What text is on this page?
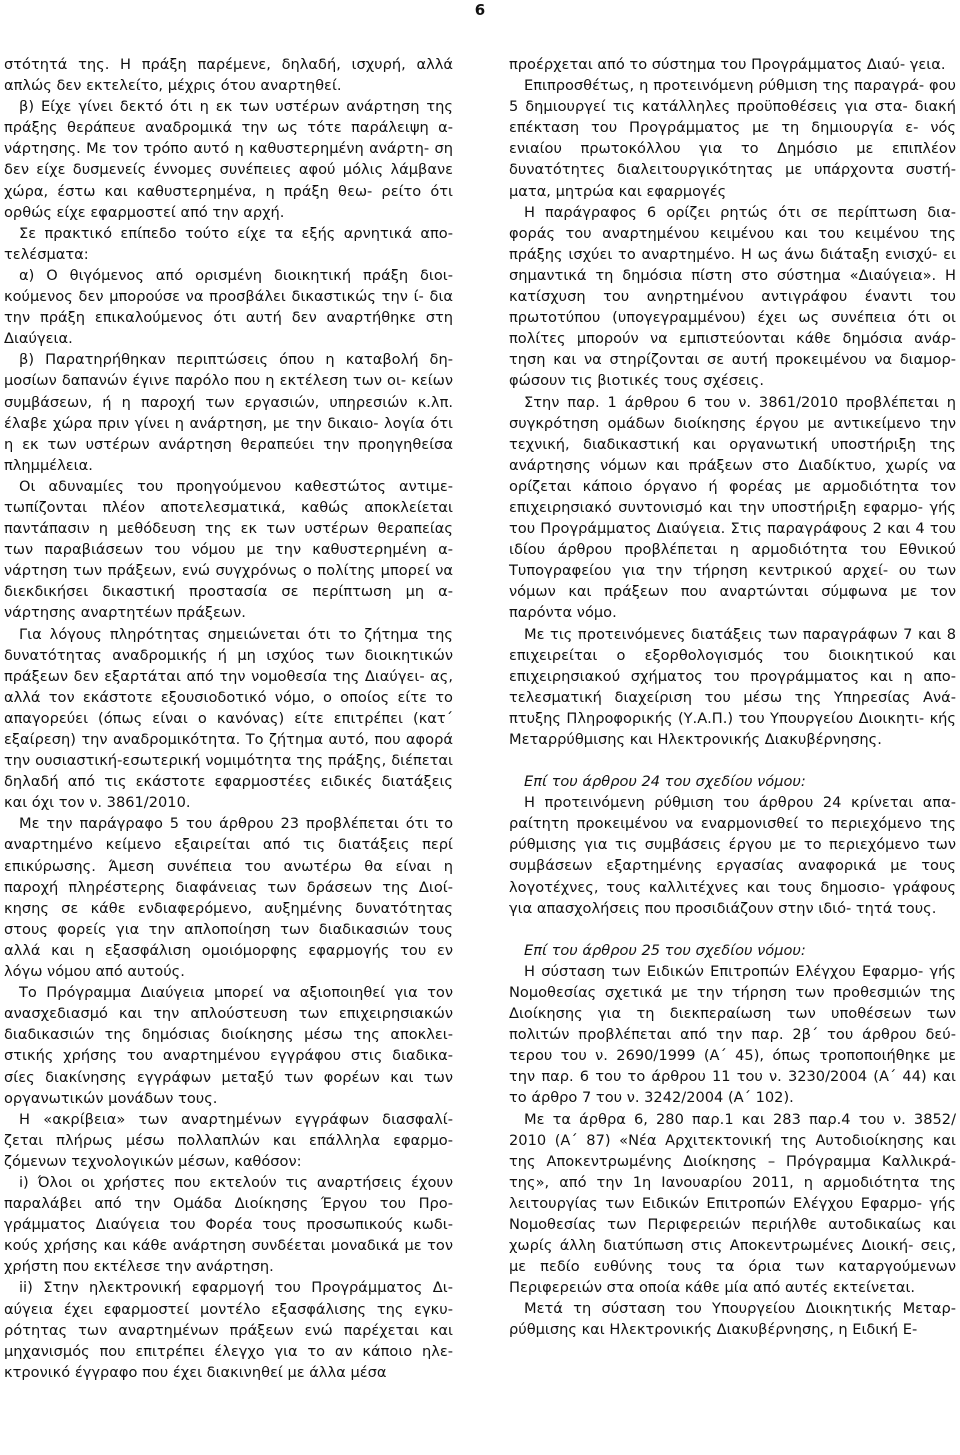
6

στότητά της. Η πράξη παρέμενε, δηλαδή, ισχυρή, αλλά απλώς δεν εκτελείτο, μέχρις ότου αναρτηθεί.

β) Είχε γίνει δεκτό ότι η εκ των υστέρων ανάρτηση της πράξης θεράπευε αναδρομικά την ως τότε παράλειψη α- νάρτησης. Με τον τρόπο αυτό η καθυστερημένη ανάρτη- ση δεν είχε δυσμενείς έννομες συνέπειες αφού μόλις λάμβανε χώρα, έστω και καθυστερημένα, η πράξη θεω- ρείτο ότι ορθώς είχε εφαρμοστεί από την αρχή.

Σε πρακτικό επίπεδο τούτο είχε τα εξής αρνητικά απο- τελέσματα:

α) Ο θιγόμενος από ορισμένη διοικητική πράξη διοι- κούμενος δεν μπορούσε να προσβάλει δικαστικώς την ί- δια την πράξη επικαλούμενος ότι αυτή δεν αναρτήθηκε στη Διαύγεια.

β) Παρατηρήθηκαν περιπτώσεις όπου η καταβολή δη- μοσίων δαπανών έγινε παρόλο που η εκτέλεση των οι- κείων συμβάσεων, ή η παροχή των εργασιών, υπηρεσιών κ.λπ. έλαβε χώρα πριν γίνει η ανάρτηση, με την δικαιο- λογία ότι η εκ των υστέρων ανάρτηση θεραπεύει την προηγηθείσα πλημμέλεια.

Οι αδυναμίες του προηγούμενου καθεστώτος αντιμε- τωπίζονται πλέον αποτελεσματικά, καθώς αποκλείεται παντάπασιν η μεθόδευση της εκ των υστέρων θεραπείας των παραβιάσεων του νόμου με την καθυστερημένη α- νάρτηση των πράξεων, ενώ συγχρόνως ο πολίτης μπορεί να διεκδικήσει δικαστική προστασία σε περίπτωση μη α- νάρτησης αναρτητέων πράξεων.

Για λόγους πληρότητας σημειώνεται ότι το ζήτημα της δυνατότητας αναδρομικής ή μη ισχύος των διοικητικών πράξεων δεν εξαρτάται από την νομοθεσία της Διαύγει- ας, αλλά τον εκάστοτε εξουσιοδοτικό νόμο, ο οποίος είτε το απαγορεύει (όπως είναι ο κανόνας) είτε επιτρέπει (κατ΄ εξαίρεση) την αναδρομικότητα. Το ζήτημα αυτό, που αφορά την ουσιαστική-εσωτερική νομιμότητα της πράξης, διέπεται δηλαδή από τις εκάστοτε εφαρμοστέες ειδικές διατάξεις και όχι τον ν. 3861/2010.

Με την παράγραφο 5 του άρθρου 23 προβλέπεται ότι το αναρτημένο κείμενο εξαιρείται από τις διατάξεις περί επικύρωσης. Άμεση συνέπεια του ανωτέρω θα είναι η παροχή πληρέστερης διαφάνειας των δράσεων της Διοί- κησης σε κάθε ενδιαφερόμενο, αυξημένης δυνατότητας στους φορείς για την απλοποίηση των διαδικασιών τους αλλά και η εξασφάλιση ομοιόμορφης εφαρμογής του εν λόγω νόμου από αυτούς.

Το Πρόγραμμα Διαύγεια μπορεί να αξιοποιηθεί για τον ανασχεδιασμό και την απλούστευση των επιχειρησιακών διαδικασιών της δημόσιας διοίκησης μέσω της αποκλει- στικής χρήσης του αναρτημένου εγγράφου στις διαδικα- σίες διακίνησης εγγράφων μεταξύ των φορέων και των οργανωτικών μονάδων τους.

Η «ακρίβεια» των αναρτημένων εγγράφων διασφαλί- ζεται πλήρως μέσω πολλαπλών και επάλληλα εφαρμο- ζόμενων τεχνολογικών μέσων, καθόσον:

i) Όλοι οι χρήστες που εκτελούν τις αναρτήσεις έχουν παραλάβει από την Ομάδα Διοίκησης Έργου του Προ- γράμματος Διαύγεια του Φορέα τους προσωπικούς κωδι- κούς χρήσης και κάθε ανάρτηση συνδέεται μοναδικά με τον χρήστη που εκτέλεσε την ανάρτηση.

ii) Στην ηλεκτρονική εφαρμογή του Προγράμματος Δι- αύγεια έχει εφαρμοστεί μοντέλο εξασφάλισης της εγκυ- ρότητας των αναρτημένων πράξεων ενώ παρέχεται και μηχανισμός που επιτρέπει έλεγχο για το αν κάποιο ηλε- κτρονικό έγγραφο που έχει διακινηθεί με άλλα μέσα

προέρχεται από το σύστημα του Προγράμματος Διαύ- γεια.

Επιπροσθέτως, η προτεινόμενη ρύθμιση της παραγρά- φου 5 δημιουργεί τις κατάλληλες προϋποθέσεις για στα- διακή επέκταση του Προγράμματος με τη δημιουργία ε- νός ενιαίου πρωτοκόλλου για το Δημόσιο με επιπλέον δυνατότητες διαλειτουργικότητας με υπάρχοντα συστή- ματα, μητρώα και εφαρμογές

Η παράγραφος 6 ορίζει ρητώς ότι σε περίπτωση δια- φοράς του αναρτημένου κειμένου και του κειμένου της πράξης ισχύει το αναρτημένο. Η ως άνω διάταξη ενισχύ- ει σημαντικά τη δημόσια πίστη στο σύστημα «Διαύγεια». Η κατίσχυση του ανηρτημένου αντιγράφου έναντι του πρωτοτύπου (υπογεγραμμένου) έχει ως συνέπεια ότι οι πολίτες μπορούν να εμπιστεύονται κάθε δημόσια ανάρ- τηση και να στηρίζονται σε αυτή προκειμένου να διαμορ- φώσουν τις βιοτικές τους σχέσεις.

Στην παρ. 1 άρθρου 6 του ν. 3861/2010 προβλέπεται η συγκρότηση ομάδων διοίκησης έργου με αντικείμενο την τεχνική, διαδικαστική και οργανωτική υποστήριξη της ανάρτησης νόμων και πράξεων στο Διαδίκτυο, χωρίς να ορίζεται κάποιο όργανο ή φορέας με αρμοδιότητα τον επιχειρησιακό συντονισμό και την υποστήριξη εφαρμο- γής του Προγράμματος Διαύγεια. Στις παραγράφους 2 και 4 του ιδίου άρθρου προβλέπεται η αρμοδιότητα του Εθνικού Τυπογραφείου για την τήρηση κεντρικού αρχεί- ου των νόμων και πράξεων που αναρτώνται σύμφωνα με τον παρόντα νόμο.

Με τις προτεινόμενες διατάξεις των παραγράφων 7 και 8 επιχειρείται ο εξορθολογισμός του διοικητικού και επιχειρησιακού σχήματος του προγράμματος και η απο- τελεσματική διαχείριση του μέσω της Υπηρεσίας Ανά- πτυξης Πληροφορικής (Υ.Α.Π.) του Υπουργείου Διοικητι- κής Μεταρρύθμισης και Ηλεκτρονικής Διακυβέρνησης.

Επί του άρθρου 24 του σχεδίου νόμου:

Η προτεινόμενη ρύθμιση του άρθρου 24 κρίνεται απα- ραίτητη προκειμένου να εναρμονισθεί το περιεχόμενο της ρύθμισης για τις συμβάσεις έργου με το περιεχόμενο των συμβάσεων εξαρτημένης εργασίας αναφορικά με τους λογοτέχνες, τους καλλιτέχνες και τους δημοσιο- γράφους για απασχολήσεις που προσιδιάζουν στην ιδιό- τητά τους.

Επί του άρθρου 25 του σχεδίου νόμου:

Η σύσταση των Ειδικών Επιτροπών Ελέγχου Εφαρμο- γής Νομοθεσίας σχετικά με την τήρηση των προθεσμιών της Διοίκησης για τη διεκπεραίωση των υποθέσεων των πολιτών προβλέπεται από την παρ. 2β΄ του άρθρου δεύ- τερου του ν. 2690/1999 (Α΄ 45), όπως τροποποιήθηκε με την παρ. 6 του το άρθρου 11 του ν. 3230/2004 (Α΄ 44) και το άρθρο 7 του ν. 3242/2004 (Α΄ 102).

Με τα άρθρα 6, 280 παρ.1 και 283 παρ.4 του ν. 3852/ 2010 (Α΄ 87) «Νέα Αρχιτεκτονική της Αυτοδιοίκησης και της Αποκεντρωμένης Διοίκησης – Πρόγραμμα Καλλικρά- της», από την 1η Ιανουαρίου 2011, η αρμοδιότητα της λειτουργίας των Ειδικών Επιτροπών Ελέγχου Εφαρμο- γής Νομοθεσίας των Περιφερειών περιήλθε αυτοδικαίως και χωρίς άλλη διατύπωση στις Αποκεντρωμένες Διοική- σεις, με πεδίο ευθύνης τους τα όρια των καταργούμενων Περιφερειών στα οποία κάθε μία από αυτές εκτείνεται.

Μετά τη σύσταση του Υπουργείου Διοικητικής Μεταρ- ρύθμισης και Ηλεκτρονικής Διακυβέρνησης, η Ειδική Ε-
